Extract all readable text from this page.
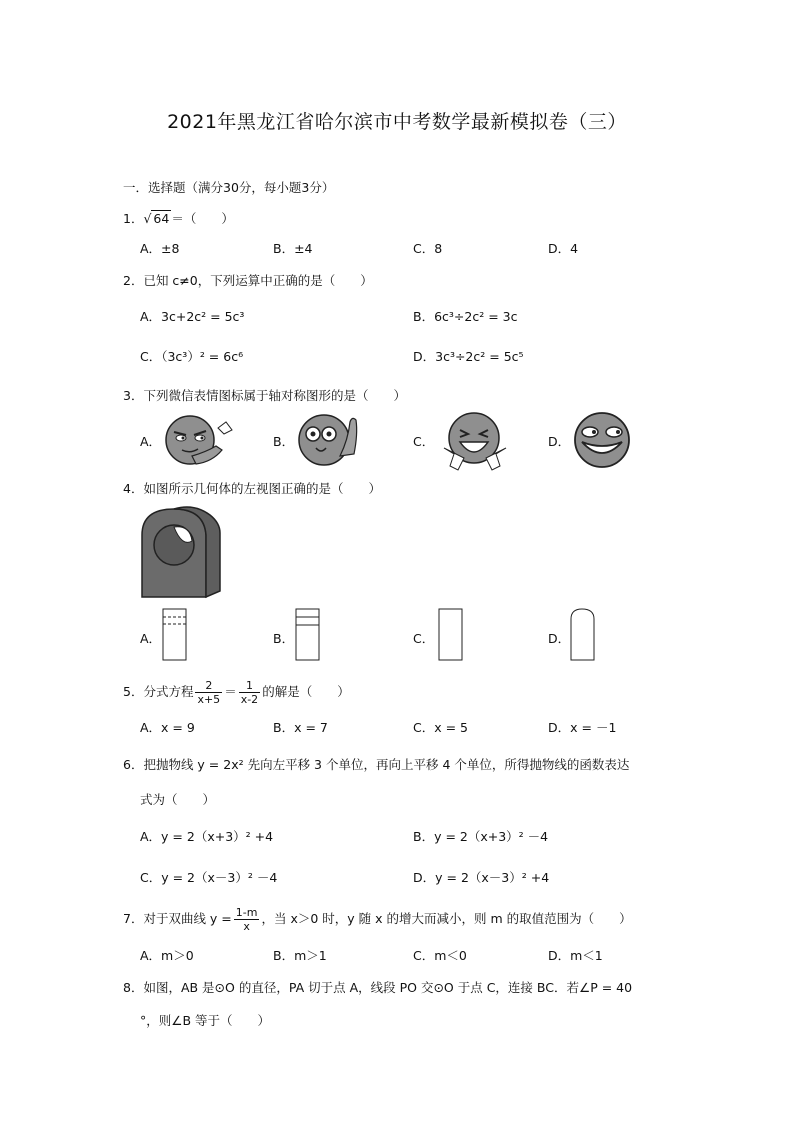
2021年黑龙江省哈尔滨市中考数学最新模拟卷（三）
一．选择题（满分30分，每小题3分）
1．√ 64 ＝（　　）
A．±8	B．±4	C．8	D．4
2．已知 c≠0，下列运算中正确的是（　　）
A．3c+2c² = 5c³	B．6c³÷2c² = 3c
C．（3c³）² = 6c⁶	D．3c³÷2c² = 5c⁵
3．下列微信表情图标属于轴对称图形的是（　　）
A．	B．	C．	D．
4．如图所示几何体的左视图正确的是（　　）
A．	B．	C．	D．
5．分式方程 $\frac{2}{x+5} = \frac{1}{x-2}$ 的解是（　　）
A．x = 9	B．x = 7	C．x = 5	D．x = －1
6．把抛物线 y = 2x² 先向左平移 3 个单位，再向上平移 4 个单位，所得抛物线的函数表达
式为（　　）
A．y = 2（x+3）² +4	B．y = 2（x+3）² －4
C．y = 2（x－3）² －4	D．y = 2（x－3）² +4
7．对于双曲线 $y = \frac{1-m}{x}$ ，当 x＞0 时，y 随 x 的增大而减小，则 m 的取值范围为（　　）
A．m＞0	B．m＞1	C．m＜0	D．m＜1
8．如图，AB 是⊙O 的直径，PA 切于点 A，线段 PO 交⊙O 于点 C，连接 BC．若∠P = 40
°，则∠B 等于（　　）
